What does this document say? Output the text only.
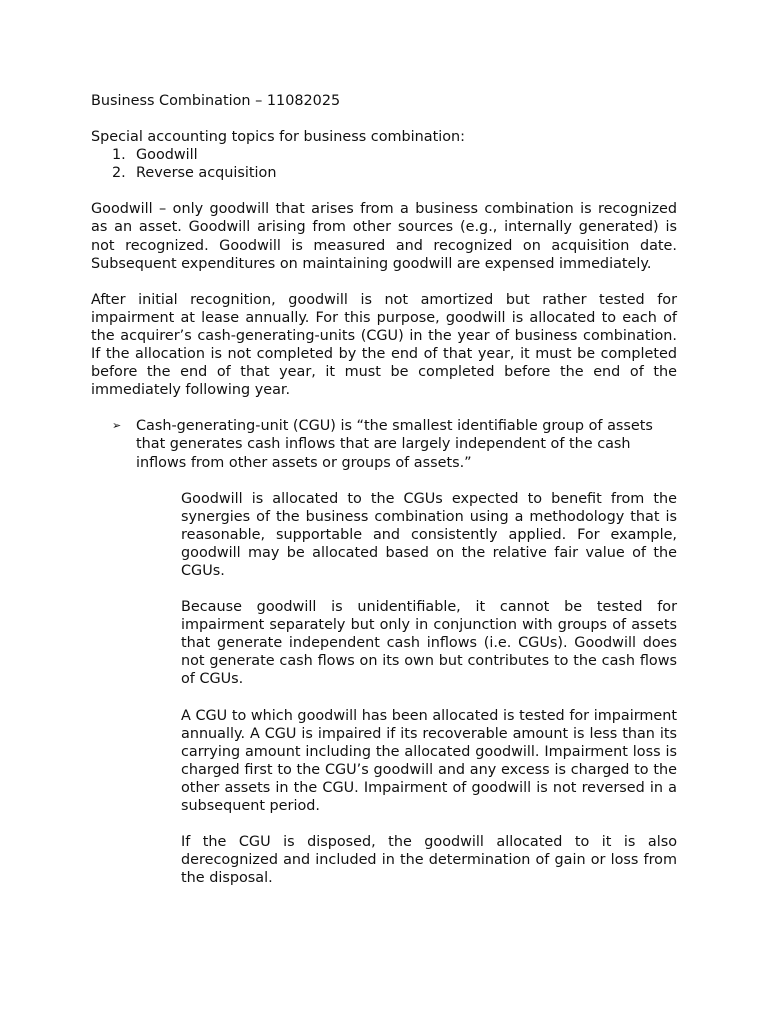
Business Combination – 11082025

Special accounting topics for business combination:

1. Goodwill
2. Reverse acquisition

Goodwill – only goodwill that arises from a business combination is recognized as an asset. Goodwill arising from other sources (e.g., internally generated) is not recognized. Goodwill is measured and recognized on acquisition date. Subsequent expenditures on maintaining goodwill are expensed immediately.

After initial recognition, goodwill is not amortized but rather tested for impairment at lease annually. For this purpose, goodwill is allocated to each of the acquirer’s cash-generating-units (CGU) in the year of business combination. If the allocation is not completed by the end of that year, it must be completed before the end of that year, it must be completed before the end of the immediately following year.

➢ Cash-generating-unit (CGU) is “the smallest identifiable group of assets that generates cash inflows that are largely independent of the cash inflows from other assets or groups of assets.”

Goodwill is allocated to the CGUs expected to benefit from the synergies of the business combination using a methodology that is reasonable, supportable and consistently applied. For example, goodwill may be allocated based on the relative fair value of the CGUs.

Because goodwill is unidentifiable, it cannot be tested for impairment separately but only in conjunction with groups of assets that generate independent cash inflows (i.e. CGUs). Goodwill does not generate cash flows on its own but contributes to the cash flows of CGUs.

A CGU to which goodwill has been allocated is tested for impairment annually. A CGU is impaired if its recoverable amount is less than its carrying amount including the allocated goodwill. Impairment loss is charged first to the CGU’s goodwill and any excess is charged to the other assets in the CGU. Impairment of goodwill is not reversed in a subsequent period.

If the CGU is disposed, the goodwill allocated to it is also derecognized and included in the determination of gain or loss from the disposal.
